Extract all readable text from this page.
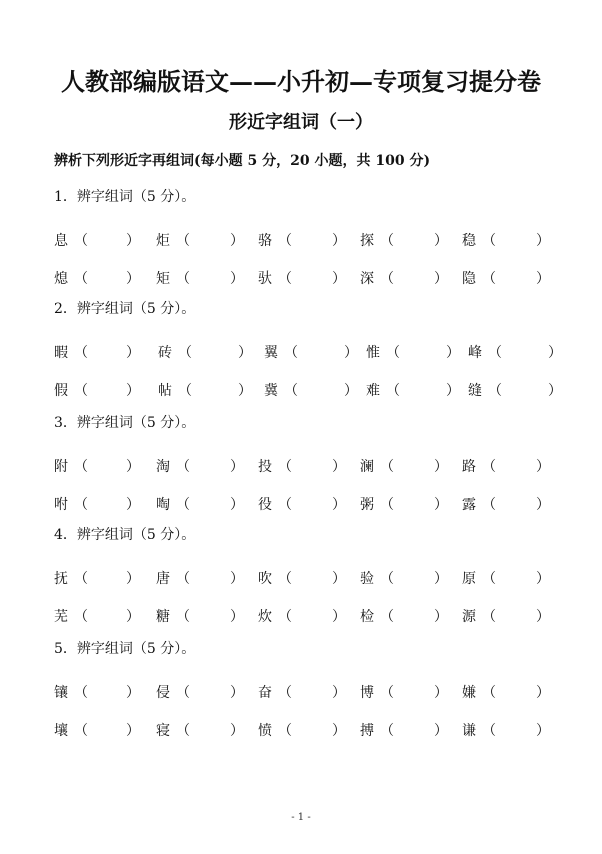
人教部编版语文——小升初—专项复习提分卷
形近字组词（一）
辨析下列形近字再组词(每小题 5 分，20 小题，共 100 分)
1．辨字组词（5 分）。
息 （	） 炬 （	） 骆 （	） 探 （	） 稳 （	）
熄 （	） 矩 （	） 驮 （	） 深 （	） 隐 （	）
2．辨字组词（5 分）。
暇 （	） 砖 （	） 翼 （	） 惟 （	） 峰 （	）
假 （	） 帖 （	） 冀 （	） 难 （	） 缝 （	）
3．辨字组词（5 分）。
附 （	） 淘 （	） 投 （	） 澜 （	） 路 （	）
咐 （	） 啕 （	） 役 （	） 粥 （	） 露 （	）
4．辨字组词（5 分）。
抚 （	） 唐 （	） 吹 （	） 验 （	） 原 （	）
芜 （	） 糖 （	） 炊 （	） 检 （	） 源 （	）
5．辨字组词（5 分）。
镶 （	） 侵 （	） 奋 （	） 博 （	） 嫌 （	）
壤 （	） 寝 （	） 愤 （	） 搏 （	） 谦 （	）
- 1 -
